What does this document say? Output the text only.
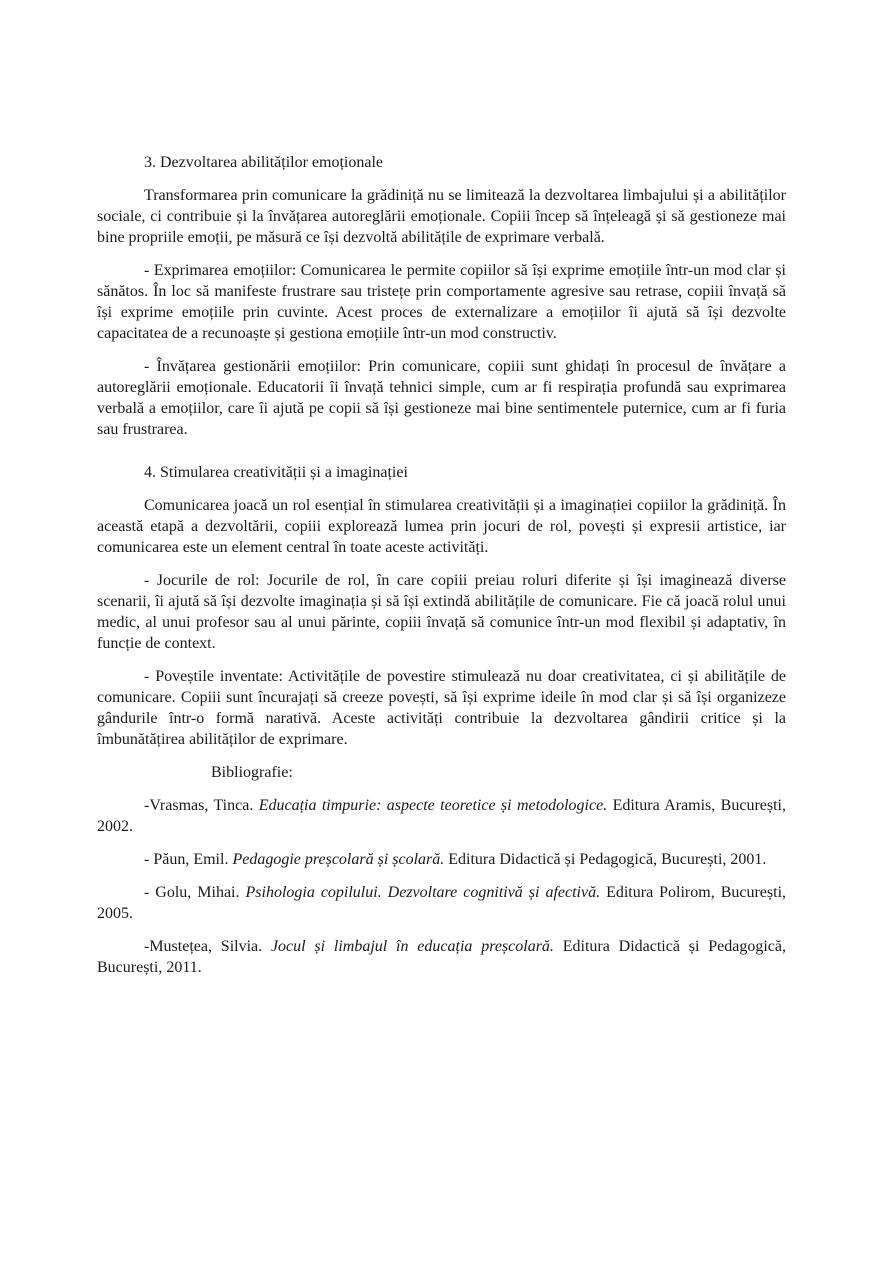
3. Dezvoltarea abilităților emoționale

Transformarea prin comunicare la grădiniță nu se limitează la dezvoltarea limbajului și a abilităților sociale, ci contribuie și la învățarea autoreglării emoționale. Copiii încep să înțeleagă și să gestioneze mai bine propriile emoții, pe măsură ce își dezvoltă abilitățile de exprimare verbală.

- Exprimarea emoțiilor: Comunicarea le permite copiilor să își exprime emoțiile într-un mod clar și sănătos. În loc să manifeste frustrare sau tristețe prin comportamente agresive sau retrase, copiii învață să își exprime emoțiile prin cuvinte. Acest proces de externalizare a emoțiilor îi ajută să își dezvolte capacitatea de a recunoaște și gestiona emoțiile într-un mod constructiv.

- Învățarea gestionării emoțiilor: Prin comunicare, copiii sunt ghidați în procesul de învățare a autoreglării emoționale. Educatorii îi învață tehnici simple, cum ar fi respirația profundă sau exprimarea verbală a emoțiilor, care îi ajută pe copii să își gestioneze mai bine sentimentele puternice, cum ar fi furia sau frustrarea.

4. Stimularea creativității și a imaginației

Comunicarea joacă un rol esențial în stimularea creativității și a imaginației copiilor la grădiniță. În această etapă a dezvoltării, copiii explorează lumea prin jocuri de rol, povești și expresii artistice, iar comunicarea este un element central în toate aceste activități.

- Jocurile de rol: Jocurile de rol, în care copiii preiau roluri diferite și își imaginează diverse scenarii, îi ajută să își dezvolte imaginația și să își extindă abilitățile de comunicare. Fie că joacă rolul unui medic, al unui profesor sau al unui părinte, copiii învață să comunice într-un mod flexibil și adaptativ, în funcție de context.

- Poveștile inventate: Activitățile de povestire stimulează nu doar creativitatea, ci și abilitățile de comunicare. Copiii sunt încurajați să creeze povești, să își exprime ideile în mod clar și să își organizeze gândurile într-o formă narativă. Aceste activități contribuie la dezvoltarea gândirii critice și la îmbunătățirea abilităților de exprimare.

Bibliografie:

-Vrasmas, Tinca. Educația timpurie: aspecte teoretice și metodologice. Editura Aramis, București, 2002.

- Păun, Emil. Pedagogie preșcolară și școlară. Editura Didactică și Pedagogică, București, 2001.

- Golu, Mihai. Psihologia copilului. Dezvoltare cognitivă și afectivă. Editura Polirom, București, 2005.

-Mustețea, Silvia. Jocul și limbajul în educația preșcolară. Editura Didactică și Pedagogică, București, 2011.
